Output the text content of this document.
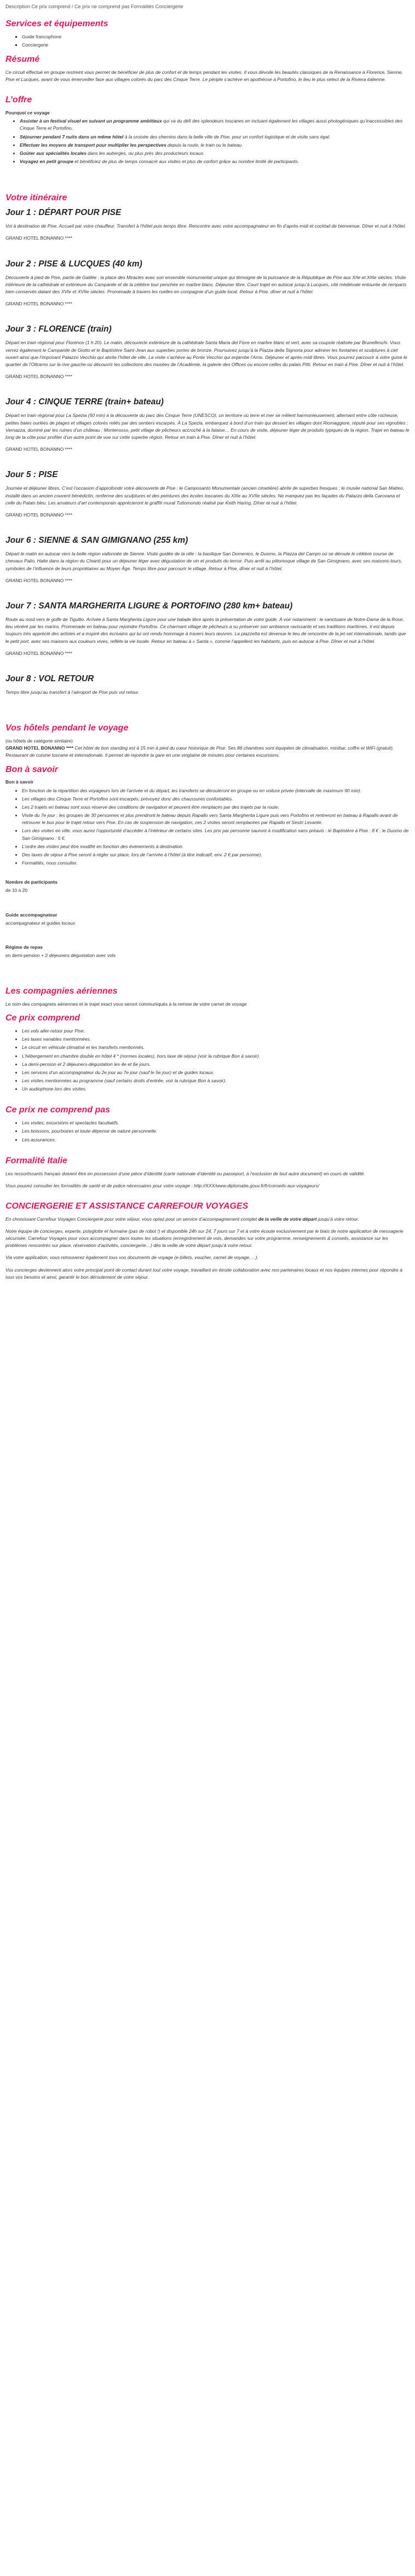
Description Ce prix comprend / Ce prix ne comprend pas Formalités Conciergerie
Services et équipements
▪ Guide francophone
▪ Conciergerie
Résumé

Ce circuit effectué en groupe restreint vous permet de bénéficier de plus de confort et de temps pendant les visites. Il vous dévoile les beautés classiques de la Renaissance à Florence, Sienne, Pise et Lucques, avant de vous émerveiller face aux villages colorés du parc des Cinque Terre. Le périple s’achève en apothéose à Portofino, le lieu le plus select de la Riviera italienne.

L’offre
Pourquoi ce voyage
• Assister à un festival visuel en suivant un programme ambitieux qui va du défi des splendeurs toscanes en incluant également les villages aussi photogéniques qu’inaccessibles des Cinque Terre et Portofino.
• Séjourner pendant 7 nuits dans un même hôtel à la croisée des chemins dans la belle ville de Pise, pour un confort logistique et de visite sans égal.
• Effectuer les moyens de transport pour multiplier les perspectives depuis la route, le train ou le bateau.
• Goûter aux spécialités locales dans les auberges, ou plus près des producteurs locaux.
• Voyagez en petit groupe et bénéficiez de plus de temps consacré aux visites et plus de confort grâce au nombre limité de participants.
Votre itinéraire
Jour 1 : DÉPART POUR PISE

Vol à destination de Pise. Accueil par votre chauffeur. Transfert à l’hôtel puis temps libre. Rencontre avec votre accompagnateur en fin d’après-midi et cocktail de bienvenue. Dîner et nuit à l’hôtel.

GRAND HOTEL BONANNO ****

Jour 2 : PISE & LUCQUES (40 km)

Découverte à pied de Pise, partie de Galilée : la place des Miracles avec son ensemble monumental unique qui témoigne de la puissance de la République de Pise aux XIIe et XIIIe siècles. Visite intérieure de la cathédrale et extérieure du Campanile et de la célèbre tour penchée en marbre blanc. Déjeuner libre. Court trajet en autocar jusqu’à Lucques, cité médiévale entourée de remparts bien conservés datant des XVIe et XVIIe siècles. Promenade à travers les ruelles en compagnie d’un guide local. Retour à Pise, dîner et nuit à l’hôtel.

GRAND HOTEL BONANNO ****

Jour 3 : FLORENCE (train)

Départ en train régional pour Florence (1 h 20). Le matin, découverte extérieure de la cathédrale Santa Maria del Fiore en marbre blanc et vert, avec sa coupole réalisée par Brunelleschi. Vous verrez également le Campanile de Giotto et le Baptistère Saint-Jean aux superbes portes de bronze. Poursuivez jusqu’à la Piazza della Signoria pour admirer les fontaines et sculptures à ciel ouvert ainsi que l’imposant Palazzo Vecchio qui abrite l’hôtel de ville. La visite s’achève au Ponte Vecchio qui enjambe l’Arno. Déjeuner et après-midi libres. Vous pourrez parcourir à votre guise le quartier de l’Oltrarno sur la rive gauche ou découvrir les collections des musées de l’Académie, la galerie des Offices ou encore celles du palais Pitti. Retour en train à Pise. Dîner et nuit à l’hôtel.

GRAND HOTEL BONANNO ****

Jour 4 : CINQUE TERRE (train+ bateau)

Départ en train régional pour La Spezia (50 min) à la découverte du parc des Cinque Terre (UNESCO), un territoire où terre et mer se mêlent harmonieusement, alternant entre côte rocheuse, petites baies ourlées de plages et villages colorés reliés par des sentiers escarpés. À La Spezia, embarquez à bord d’un train qui dessert les villages dont Riomaggiore, réputé pour ses vignobles ; Vernazza, dominé par les ruines d’un château ; Monterosso, petit village de pêcheurs accroché à la falaise… En cours de visite, déjeuner léger de produits typiques de la région. Trajet en bateau le long de la côte pour profiter d’un autre point de vue sur cette superbe région. Retour en train à Pise. Dîner et nuit à l’hôtel.

GRAND HOTEL BONANNO ****

Jour 5 : PISE

Journée et déjeuner libres. C’est l’occasion d’approfondir votre découverte de Pise : le Camposanto Monumentale (ancien cimetière) abrite de superbes fresques ; le musée national San Matteo, installé dans un ancien couvent bénédictin, renferme des sculptures et des peintures des écoles toscanes du XIIIe au XVIIe siècles. Ne manquez pas les façades du Palazzo della Carovana et celle du Palais bleu. Les amateurs d’art contemporain apprécieront le graffiti mural Tuttomondo réalisé par Keith Haring. Dîner et nuit à l’hôtel.

GRAND HOTEL BONANNO ****

Jour 6 : SIENNE & SAN GIMIGNANO (255 km)

Départ le matin en autocar vers la belle région vallonnée de Sienne. Visite guidée de la ville : la basilique San Domenico, le Duomo, la Piazza del Campo où se déroule le célèbre course de chevaux Palio. Halte dans la région du Chianti pour un déjeuner léger avec dégustation de vin et produits du terroir. Puis arrêt au pittoresque village de San Gimignano, avec ses maisons-tours, symboles de l’influence de leurs propriétaires au Moyen Âge. Temps libre pour parcourir le village. Retour à Pise, dîner et nuit à l’hôtel.

GRAND HOTEL BONANNO ****

Jour 7 : SANTA MARGHERITA LIGURE & PORTOFINO (280 km+ bateau)

Route au nord vers le golfe de Tigullio. Arrivée à Santa Margherita Ligure pour une balade libre après la présentation de votre guide. À voir notamment : le sanctuaire de Notre-Dame de la Rose, lieu vénéré par les marins. Promenade en bateau pour rejoindre Portofino. Ce charmant village de pêcheurs a su préserver son ambiance ravissante et ses traditions maritimes. Il est depuis toujours très apprécié des artistes et a inspiré des écrivains qui lui ont rendu hommage à travers leurs œuvres. La piazzetta est devenue le lieu de rencontre de la jet-set internationale, tandis que le petit port, avec ses maisons aux couleurs vives, reflète la vie locale. Retour en bateau à « Santa », comme l’appellent les habitants, puis en autocar à Pise. Dîner et nuit à l’hôtel.

GRAND HOTEL BONANNO ****

Jour 8 : VOL RETOUR

Temps libre jusqu’au transfert à l’aéroport de Pise puis vol retour.

Vos hôtels pendant le voyage
(ou hôtels de catégorie similaire)

GRAND HOTEL BONANNO **** Cet hôtel de bon standing est à 15 min à pied du cœur historique de Pise. Ses 86 chambres sont équipées de climatisation, minibar, coffre et WiFi (gratuit). Restaurant de cuisine toscane et internationale. Il permet de rejoindre la gare en une vingtaine de minutes pour certaines excursions.

Bon à savoir
Bon à savoir
• En fonction de la répartition des voyageurs lors de l’arrivée et du départ, les transferts se dérouleront en groupe ou en voiture privée (intervalle de maximum 90 min).
• Les villages des Cinque Terre et Portofino sont escarpés, prévoyez donc des chaussures confortables.
• Les 2 trajets en bateau sont sous réserve des conditions de navigation et peuvent être remplacés par des trajets par la route.
• Visite du 7e jour : les groupes de 30 personnes et plus prendront le bateau depuis Rapallo vers Santa Margherita Ligure puis vers Portofino et rentreront en bateau à Rapallo avant de retrouver le bus pour le trajet retour vers Pise. En cas de suspension de navigation, ces 2 visites seront remplacées par Rapallo et Sestri Levante.
• Lors des visites en ville, vous aurez l’opportunité d’accéder à l’intérieur de certains sites. Les prix par personne sauront à modification sans préavis : le Baptistère à Pise : 8 € ; le Duomo de San Gimignano : 5 €.
• L’ordre des visites peut être modifié en fonction des événements à destination.
• Des taxes de séjour à Pise seront à régler sur place, lors de l’arrivée à l’hôtel (à titre indicatif, env. 2 € par personne).
• Formalités, nous consulter.
Nombre de participants

de 10 à 20

Guide accompagnateur

accompagnateur et guides locaux

Régime de repas

en demi-pension + 2 déjeuners dégustation avec vols

Les compagnies aériennes

Le nom des compagnies aériennes et le trajet exact vous seront communiqués à la remise de votre carnet de voyage

Ce prix comprend
• Les vols aller-retour pour Pise.
• Les taxes variables mentionnées.
• Le circuit en véhicule climatisé et les transferts mentionnés.
• L’hébergement en chambre double en hôtel 4 * (normes locales), hors taxe de séjour (voir la rubrique Bon à savoir).
• La demi-pension et 2 déjeuners-dégustation les 4e et 6e jours.
• Les services d’un accompagnateur du 2e jour au 7e jour (sauf le 5e jour) et de guides locaux.
• Les visites mentionnées au programme (sauf certains droits d’entrée, voir la rubrique Bon à savoir).
• Un audiophone lors des visites.
Ce prix ne comprend pas
• Les visites, excursions et spectacles facultatifs.
• Les boissons, pourboires et toute dépense de nature personnelle.
• Les assurances.
Formalité Italie

Les ressortissants français doivent être en possession d’une pièce d’identité (carte nationale d’identité ou passeport, à l’exclusion de tout autre document) en cours de validité.

Vous pouvez consulter les formalités de santé et de police nécessaires pour votre voyage : http://XXX/www.diplomatie.gouv.fr/fr/conseils-aux-voyageurs/

CONCIERGERIE ET ASSISTANCE CARREFOUR VOYAGES

En choisissant Carrefour Voyages Conciergerie pour votre séjour, vous optez pour un service d’accompagnement complet de la veille de votre départ jusqu’à votre retour.

Notre équipe de concierges, experte, polyglotte et humaine (pas de robot !) et disponible 24h sur 24, 7 jours sur 7 et à votre écoute exclusivement par le biais de notre application de messagerie sécurisée, Carrefour Voyages pour vous accompagner dans toutes les situations (enregistrement de vols, demandes sur votre programme, renseignements & conseils, assistance sur les problèmes rencontrés sur place, réservation d’activités, conciergerie…) dès la veille de votre départ jusqu’à votre retour.

Via votre application, vous retrouverez également tous vos documents de voyage (e-billets, voucher, carnet de voyage, ...).

Vos concierges deviennent alors votre principal point de contact durant tout votre voyage, travaillant en étroite collaboration avec nos partenaires locaux et nos équipes internes pour répondre à tous vos besoins et ainsi, garantir le bon déroulement de votre séjour.
